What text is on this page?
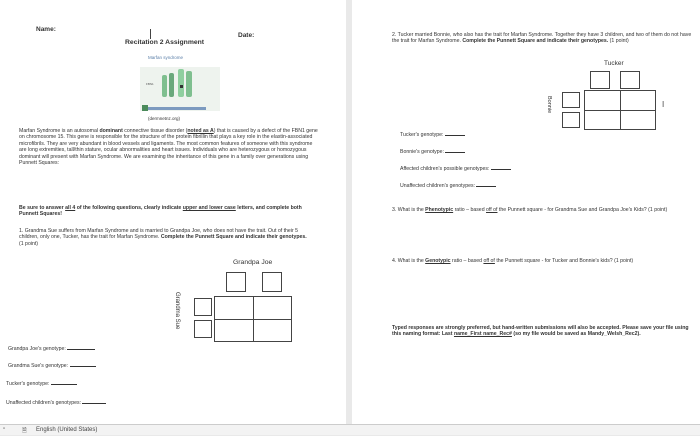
Name:
Date:
Recitation 2 Assignment
Marfan syndrome
FBN1
(dermnetnz.org)
Marfan Syndrome is an autosomal dominant connective tissue disorder (noted as A) that is caused by a defect of the FBN1 gene on chromosome 15. This gene is responsible for the structure of the protein fibrillin that plays a key role in the elastin-associated microfibrils. They are very abundant in blood vessels and ligaments. The most common features of someone with this syndrome are long extremities, tall/thin stature, ocular abnormalities and heart issues. Individuals who are heterozygous or homozygous dominant will present with Marfan Syndrome. We are examining the inheritance of this gene in a family over generations using Punnett Squares:
Be sure to answer all 4 of the following questions, clearly indicate upper and lower case letters, and complete both Punnett Squares!
1. Grandma Sue suffers from Marfan Syndrome and is married to Grandpa Joe, who does not have the trait. Out of their 5 children, only one, Tucker, has the trait for Marfan Syndrome. Complete the Punnett Square and indicate their genotypes. (1 point)
Grandpa Joe
Grandma Sue
Grandpa Joe's genotype:
Grandma Sue's genotype:
Tucker's genotype:
Unaffected children's genotypes:
2. Tucker married Bonnie, who also has the trait for Marfan Syndrome. Together they have 3 children, and two of them do not have the trait for Marfan Syndrome. Complete the Punnett Square and indicate their genotypes. (1 point)
Tucker
Bonnie	I
Tucker's genotype:
Bonnie's genotype:
Affected children's possible genotypes:
Unaffected children's genotypes:
3. What is the Phenotypic ratio – based off of the Punnett square - for Grandma Sue and Grandpa Joe's Kids? (1 point)
4. What is the Genotypic ratio – based off of the Punnett square - for Tucker and Bonnie's kids? (1 point)
Typed responses are strongly preferred, but hand-written submissions will also be accepted. Please save your file using this naming format: Last name_First name_Rec# (so my file would be saved as Mandy_Welsh_Rec2).
▫	🗎 English (United States)
